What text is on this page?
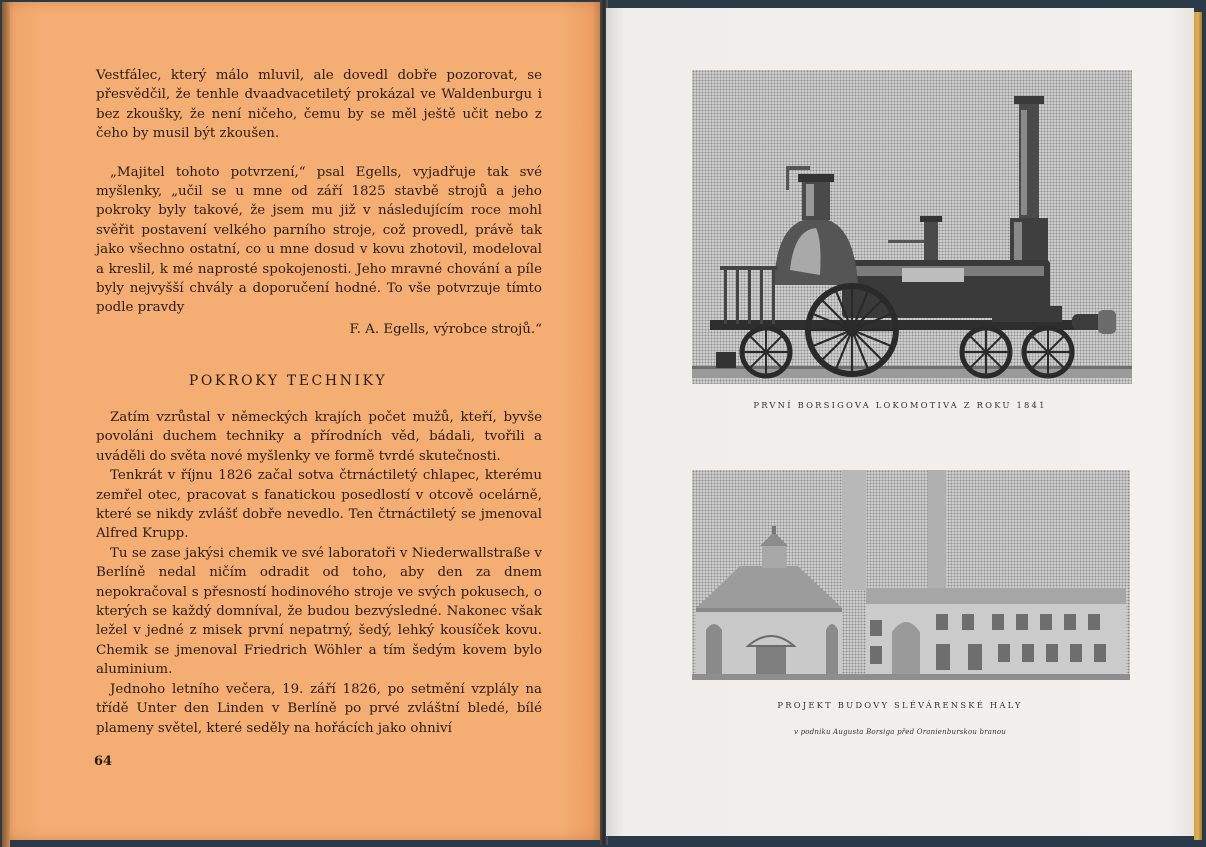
Vestfálec, který málo mluvil, ale dovedl dobře pozorovat, se přesvědčil, že tenhle dvaadvacetiletý prokázal ve Waldenburgu i bez zkoušky, že není ničeho, čemu by se měl ještě učit nebo z čeho by musil být zkoušen.

„Majitel tohoto potvrzení,“ psal Egells, vyjadřuje tak své myšlenky, „učil se u mne od září 1825 stavbě strojů a jeho pokroky byly takové, že jsem mu již v následujícím roce mohl svěřit postavení velkého parního stroje, což provedl, právě tak jako všechno ostatní, co u mne dosud v kovu zhotovil, modeloval a kreslil, k mé naprosté spokojenosti. Jeho mravné chování a píle byly nejvyšší chvály a doporučení hodné. To vše potvrzuje tímto podle pravdy

F. A. Egells, výrobce strojů.“

POKROKY TECHNIKY

Zatím vzrůstal v německých krajích počet mužů, kteří, byvše povoláni duchem techniky a přírodních věd, bádali, tvořili a uváděli do světa nové myšlenky ve formě tvrdé skutečnosti.

Tenkrát v říjnu 1826 začal sotva čtrnáctiletý chlapec, kterému zemřel otec, pracovat s fanatickou posedlostí v otcově ocelárně, které se nikdy zvlášť dobře nevedlo. Ten čtrnáctiletý se jmenoval Alfred Krupp.

Tu se zase jakýsi chemik ve své laboratoři v Niederwallstraße v Berlíně nedal ničím odradit od toho, aby den za dnem nepokračoval s přesností hodinového stroje ve svých pokusech, o kterých se každý domníval, že budou bezvýsledné. Nakonec však ležel v jedné z misek první nepatrný, šedý, lehký kousíček kovu. Chemik se jmenoval Friedrich Wöhler a tím šedým kovem bylo aluminium.

Jednoho letního večera, 19. září 1826, po setmění vzplály na třídě Unter den Linden v Berlíně po prvé zvláštní bledé, bílé plameny světel, které seděly na hořácích jako ohniví

64
PRVNÍ BORSIGOVA LOKOMOTIVA Z ROKU 1841
PROJEKT BUDOVY SLÉVÁRENSKÉ HALY
v podniku Augusta Borsiga před Oranienburskou branou
